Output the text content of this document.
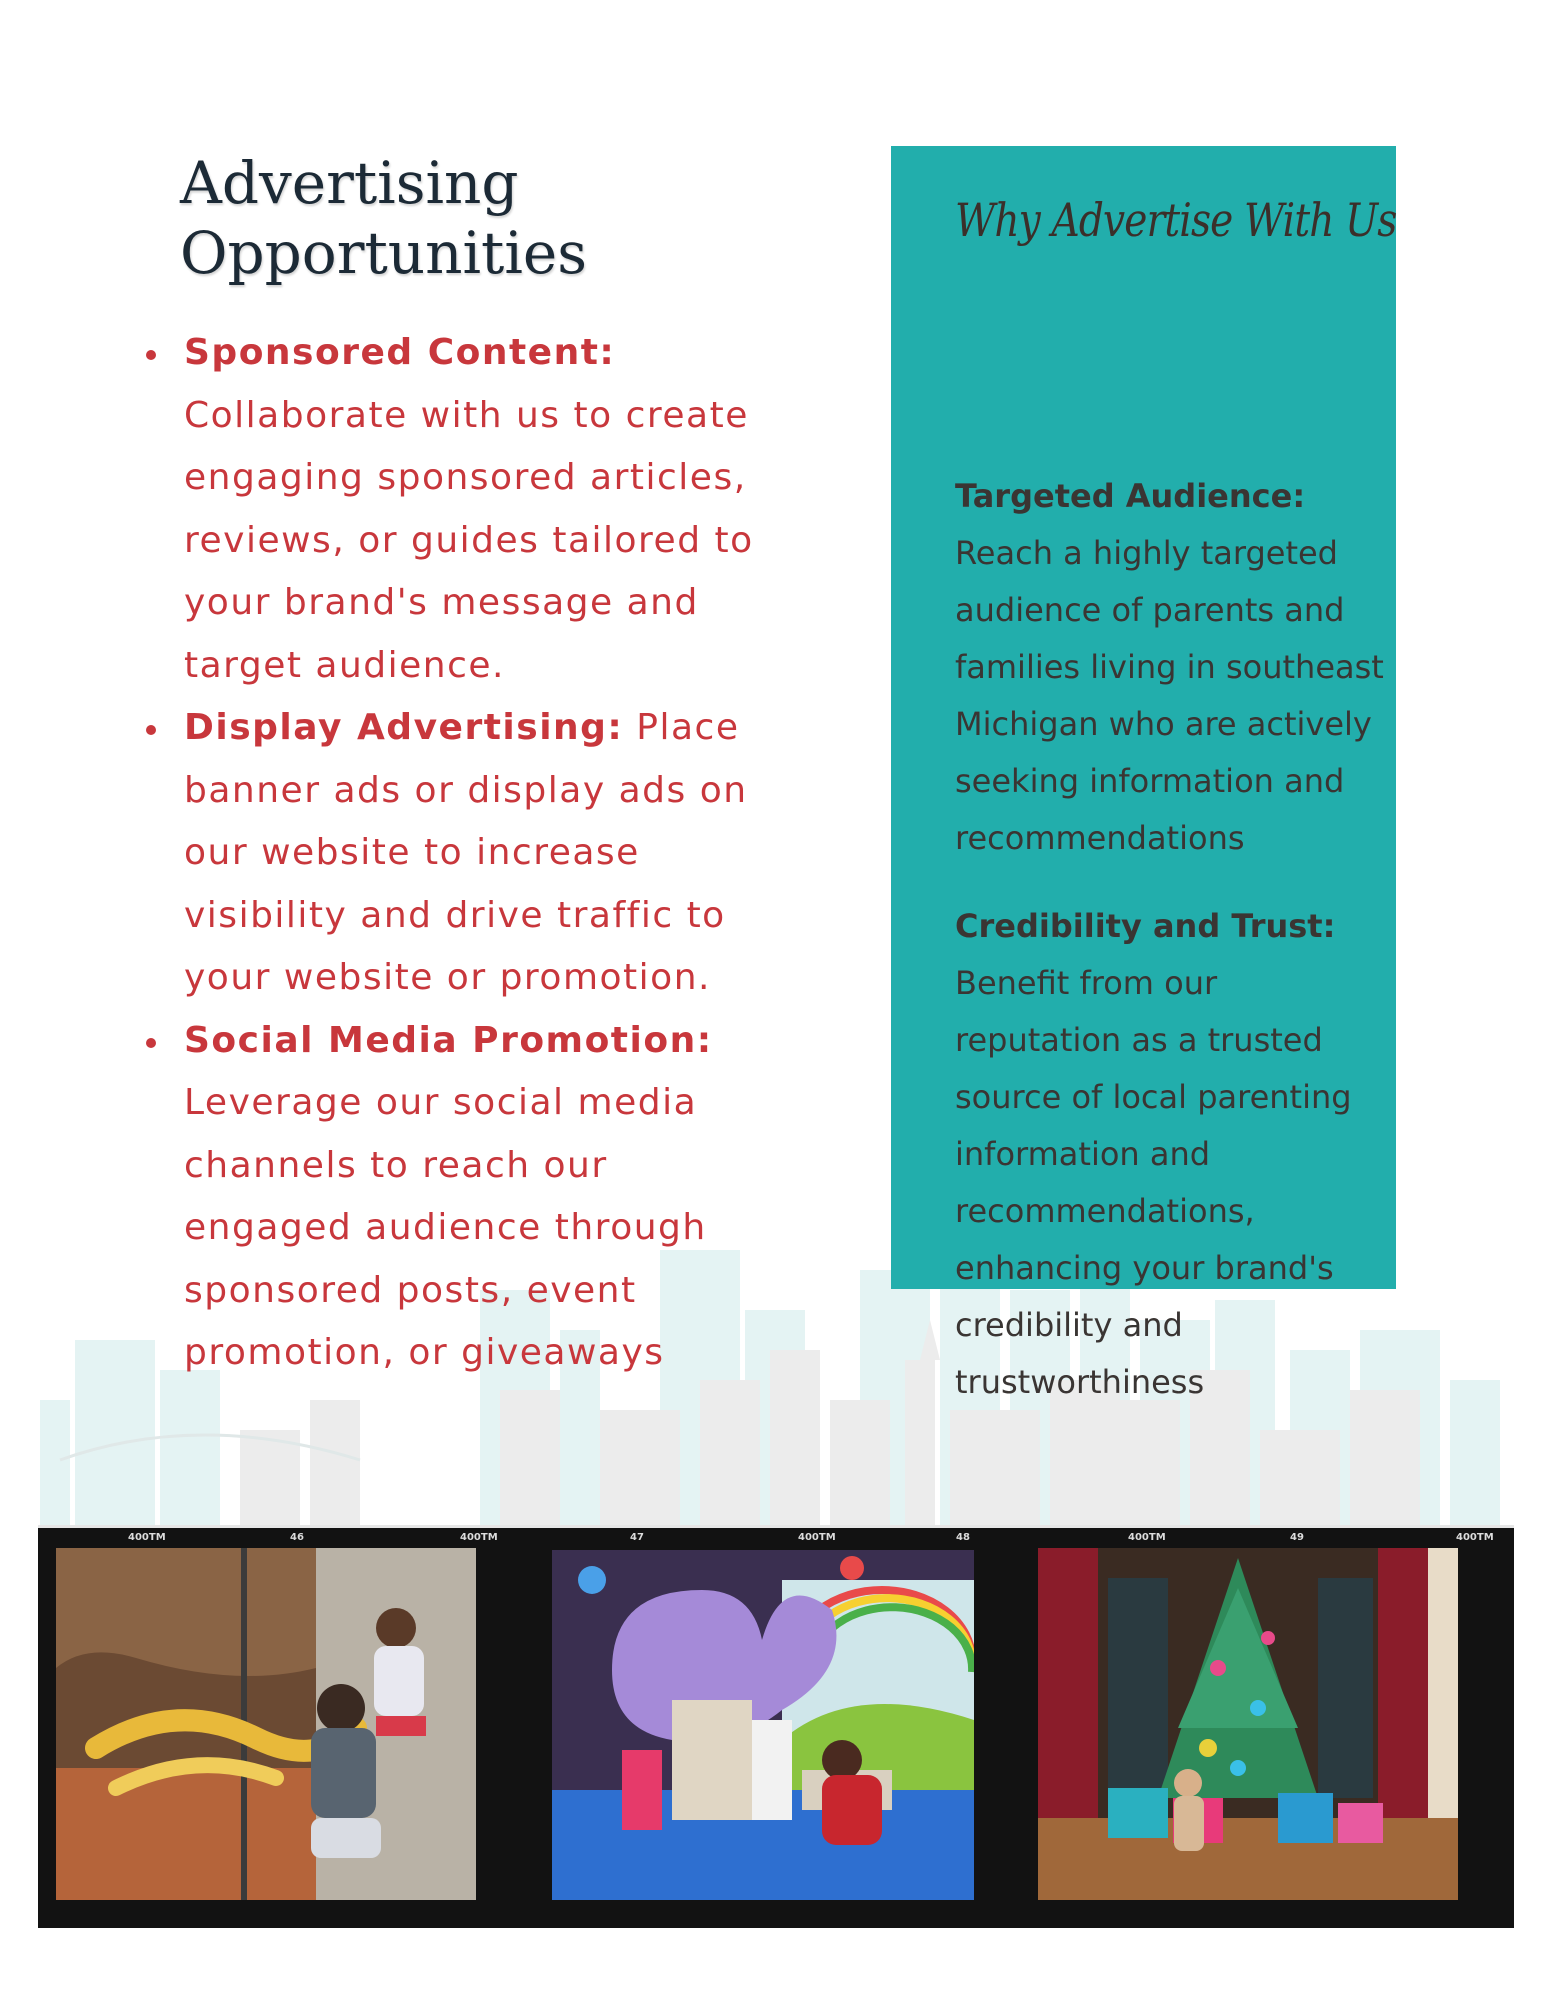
Advertising
Opportunities
Sponsored Content:
Collaborate with us to create engaging sponsored articles, reviews, or guides tailored to your brand's message and target audience.
Display Advertising: Place banner ads or display ads on our website to increase visibility and drive traffic to your website or promotion.
Social Media Promotion:
Leverage our social media channels to reach our engaged audience through sponsored posts, event promotion, or giveaways
Why Advertise With Us
Targeted Audience:
Reach a highly targeted audience of parents and families living in southeast Michigan who are actively seeking information and recommendations
Credibility and Trust:
Benefit from our reputation as a trusted source of local parenting information and recommendations, enhancing your brand's credibility and trustworthiness
400TM	46	400TM	47	400TM	48	400TM	49	400TM
